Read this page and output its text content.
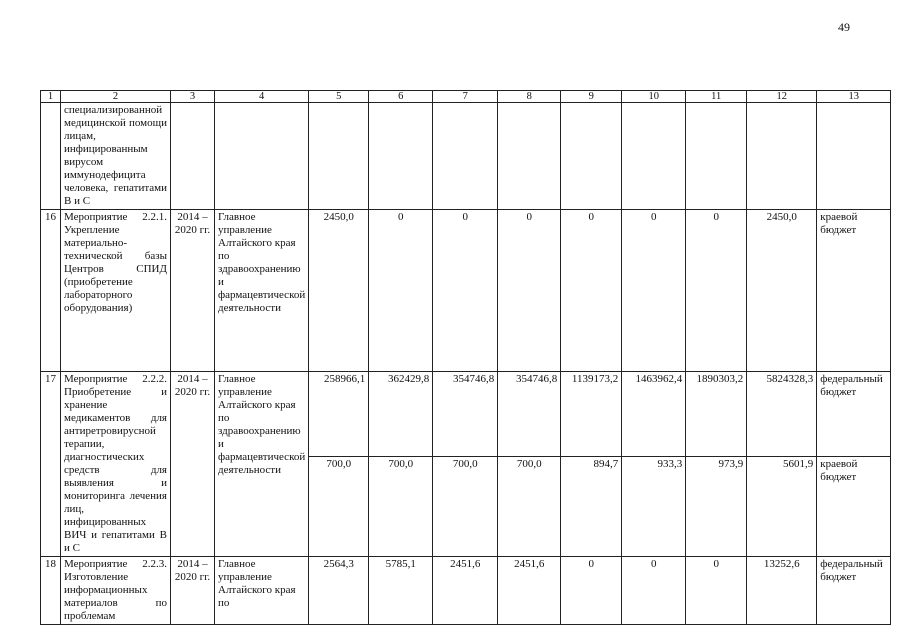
49
1	2	3	4	5	6	7	8	9	10	11	12	13
	специализированной медицинской помощи лицам, инфицированным вирусом иммунодефицита человека, гепатитами В и С											
16	Мероприятие 2.2.1. Укрепление материально-технической базы Центров СПИД (приобретение лабораторного оборудования)	2014 – 2020 гг.	Главное управление Алтайского края по здравоохранению и фармацевтической деятельности	2450,0	0	0	0	0	0	0	2450,0	краевой бюджет
17	Мероприятие 2.2.2. Приобретение и хранение медикаментов для антиретровирусной терапии, диагностических средств для выявления и мониторинга лечения лиц, инфицированных ВИЧ и гепатитами В и С	2014 – 2020 гг.	Главное управление Алтайского края по здравоохранению и фармацевтической деятельности	258966,1	362429,8	354746,8	354746,8	1139173,2	1463962,4	1890303,2	5824328,3	федеральный бюджет
				700,0	700,0	700,0	700,0	894,7	933,3	973,9	5601,9	краевой бюджет
18	Мероприятие 2.2.3. Изготовление информационных материалов по проблемам	2014 – 2020 гг.	Главное управление Алтайского края по	2564,3	5785,1	2451,6	2451,6	0	0	0	13252,6	федеральный бюджет
